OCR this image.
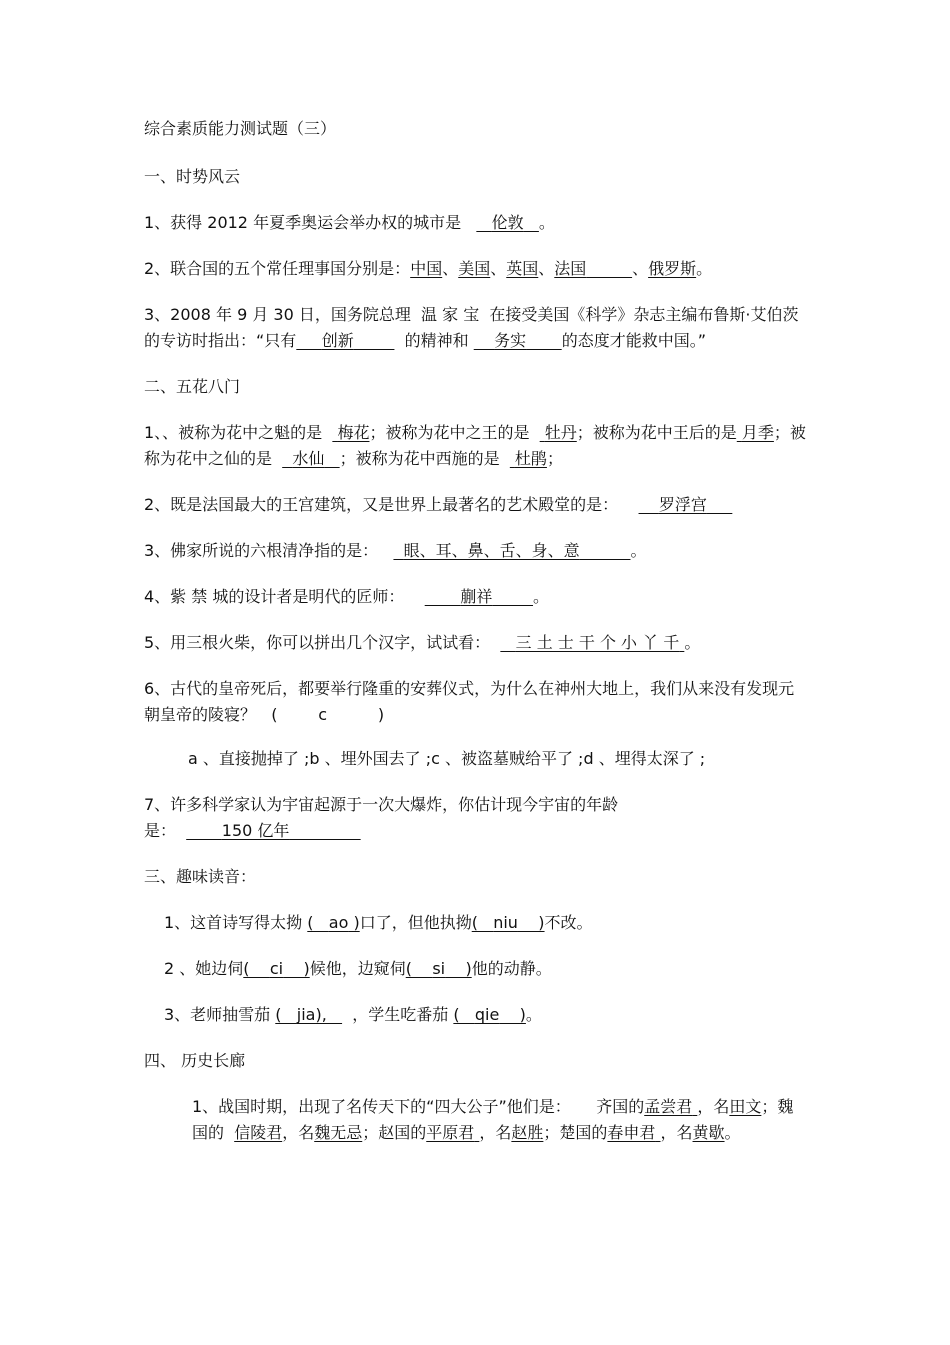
综合素质能力测试题（三）

一、时势风云

1、获得 2012 年夏季奥运会举办权的城市是 伦敦 。

2、联合国的五个常任理事国分别是：中国、美国、英国、法国	、俄罗斯。

3、2008 年 9 月 30 日，国务院总理 温 家 宝 在接受美国《科学》杂志主编布鲁斯·艾伯茨的专访时指出：“只有 创新	的精神和 务实 的态度才能救中国。”

二、五花八门

1、、被称为花中之魁的是 梅花；被称为花中之王的是 牡丹；被称为花中王后的是 月季；被称为花中之仙的是 水仙 ；被称为花中西施的是 杜鹃；

2、既是法国最大的王宫建筑，又是世界上最著名的艺术殿堂的是：	罗浮宫

3、佛家所说的六根清净指的是： 眼、耳、鼻、舌、身、意	。

4、紫 禁 城的设计者是明代的匠师：	蒯祥	。

5、用三根火柴，你可以拼出几个汉字，试试看： 三 土 士 干 个 小 丫 千 。

6、古代的皇帝死后，都要举行隆重的安葬仪式，为什么在神州大地上，我们从来没有发现元朝皇帝的陵寝？ (        c          )

a 、直接抛掉了 ;b 、埋外国去了 ;c 、被盗墓贼给平了 ;d 、埋得太深了 ;

7、许多科学家认为宇宙起源于一次大爆炸，你估计现今宇宙的年龄

是：	150 亿年

三、趣味读音：

1、这首诗写得太拗 (   ao )口了，但他执拗(   niu    )不改。

2 、她边伺(    ci    )候他，边窥伺(    si    )他的动静。

3、老师抽雪茄 (   jia),     ，学生吃番茄 (   qie    )。

四、 历史长廊

1、战国时期，出现了名传天下的“四大公子”他们是： 齐国的孟尝君 ，名田文；魏国的 信陵君，名魏无忌；赵国的平原君 ，名赵胜；楚国的春申君 ，名黄歇。
